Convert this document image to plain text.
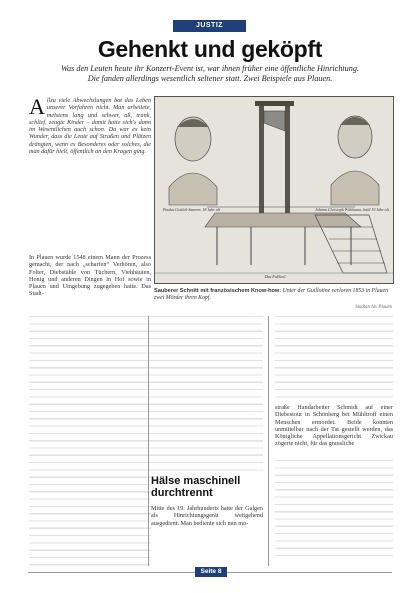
JUSTIZ
Gehenkt und geköpft
Was den Leuten heute ihr Konzert-Event ist, war ihnen früher eine öffentliche Hinrichtung. Die fanden allerdings wesentlich seltener statt. Zwei Beispiele aus Plauen.
A llzu viele Abwechslungen bot das Leben unserer Vorfahren nicht. Man arbeitete, meistens lang und schwer, aß, trank, schlief, zeugte Kinder – damit hatte sich's dann im Wesentlichen auch schon. Da war es kein Wunder, dass die Leute auf Straßen und Plätzen drängten, wenn es Besonderes oder solches, die man dafür hielt, öffentlich an den Kragen ging.
In Plauen wurde 1548 einem Mann der Prozess gemacht, der nach „scharfen“ Verhören, also Folter, Diebstähle von Tüchern, Viehhäuten, Honig und anderen Dingen in Hof sowie in Plauen und Umgebung zugegeben hatte. Das Stadt-
Paulus Gottlob Sauerer, 18 Jahr alt	Johann Christoph Pöhlmann, bald 19 Jahr alt
Das Fallbeil
Sauberer Schnitt mit französischem Know-how: Unter der Guillotine verloren 1853 in Plauen zwei Mörder ihren Kopf.
Stadtarchiv Plauen
Hälse maschinell durchtrennt
Mitte des 19. Jahrhunderts hatte der Galgen als Hinrichtungsgerät weitgehend ausgedient. Man bediente sich nun mo-
straße Handarbeiter Schmidt auf einer Diebestour in Schönberg bei Mühltroff einen Menschen ermordet. Beide konnten unmittelbar nach der Tat gestellt werden, das Königliche Appellationsgericht Zwickau zögerte nicht, für das grausliche
Seite 8
